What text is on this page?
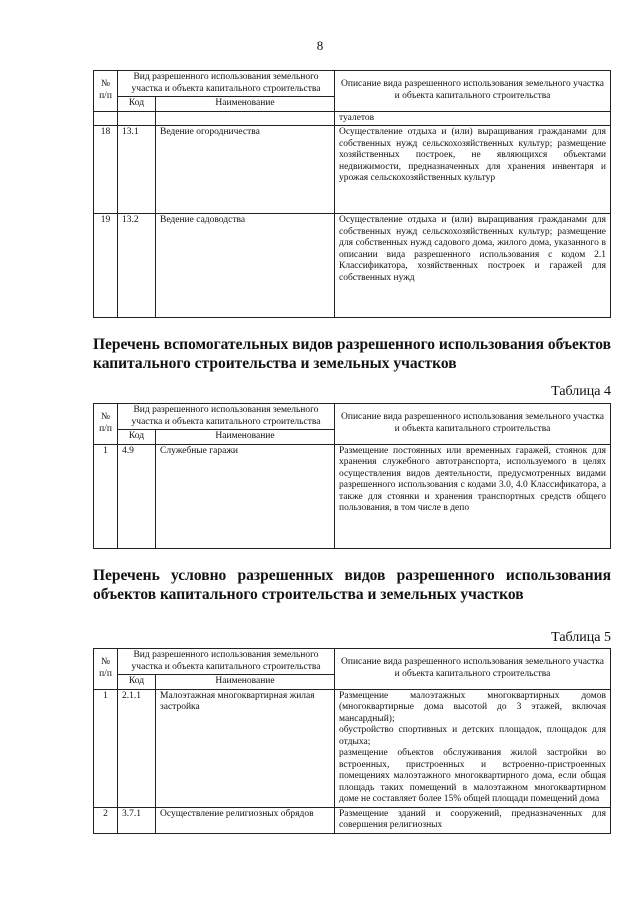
8
№ п/п	Вид разрешенного использования земельного участка и объекта капитального строительства		Описание вида разрешенного использования земельного участка и объекта капитального строительства
	Код	Наименование	
			туалетов
18	13.1	Ведение огородничества	Осуществление отдыха и (или) выращивания гражданами для собственных нужд сельскохозяйственных культур; размещение хозяйственных построек, не являющихся объектами недвижимости, предназначенных для хранения инвентаря и урожая сельскохозяйственных культур
19	13.2	Ведение садоводства	Осуществление отдыха и (или) выращивания гражданами для собственных нужд сельскохозяйственных культур; размещение для собственных нужд садового дома, жилого дома, указанного в описании вида разрешенного использования с кодом 2.1 Классификатора, хозяйственных построек и гаражей для собственных нужд
Перечень вспомогательных видов разрешенного использования объектов капитального строительства и земельных участков
Таблица 4
№ п/п	Вид разрешенного использования земельного участка и объекта капитального строительства		Описание вида разрешенного использования земельного участка и объекта капитального строительства
	Код	Наименование	
1	4.9	Служебные гаражи	Размещение постоянных или временных гаражей, стоянок для хранения служебного автотранспорта, используемого в целях осуществления видов деятельности, предусмотренных видами разрешенного использования с кодами 3.0, 4.0 Классификатора, а также для стоянки и хранения транспортных средств общего пользования, в том числе в депо
Перечень условно разрешенных видов разрешенного использования объектов капитального строительства и земельных участков
Таблица 5
№ п/п	Вид разрешенного использования земельного участка и объекта капитального строительства		Описание вида разрешенного использования земельного участка и объекта капитального строительства
	Код	Наименование	
1	2.1.1	Малоэтажная многоквартирная жилая застройка	Размещение малоэтажных многоквартирных домов (многоквартирные дома высотой до 3 этажей, включая мансардный);
обустройство спортивных и детских площадок, площадок для отдыха;
размещение объектов обслуживания жилой застройки во встроенных, пристроенных и встроенно-пристроенных помещениях малоэтажного многоквартирного дома, если общая площадь таких помещений в малоэтажном многоквартирном доме не составляет более 15% общей площади помещений дома

2	3.7.1	Осуществление религиозных обрядов	Размещение зданий и сооружений, предназначенных для совершения религиозных
